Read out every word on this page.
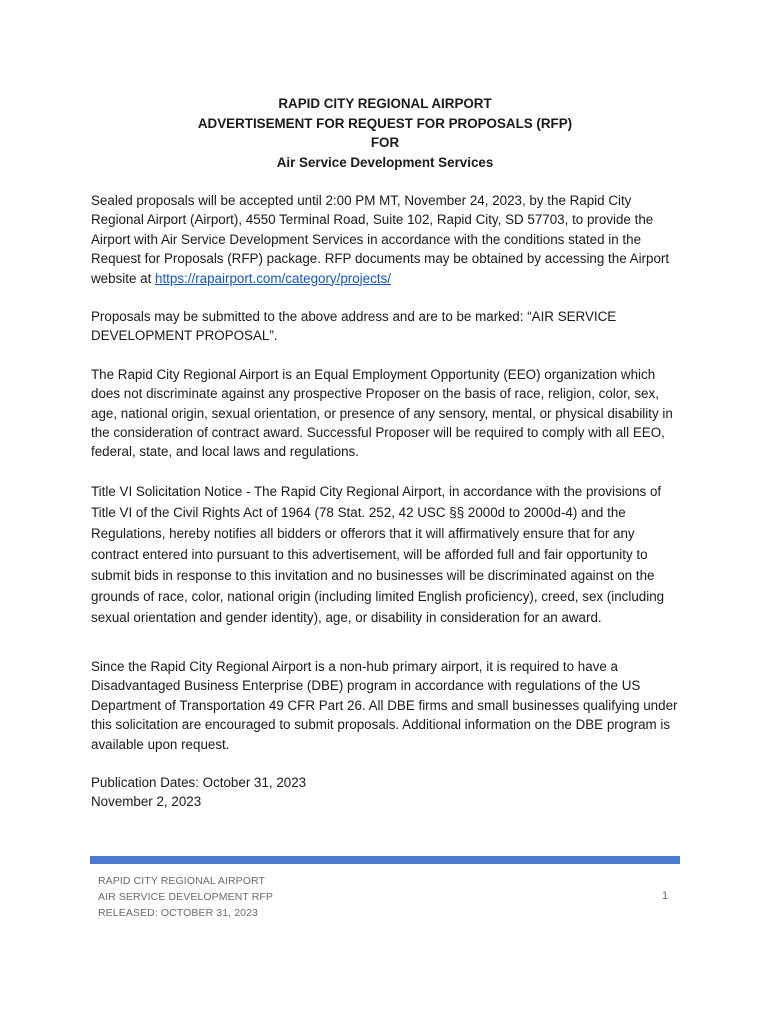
RAPID CITY REGIONAL AIRPORT
ADVERTISEMENT FOR REQUEST FOR PROPOSALS (RFP)
FOR
Air Service Development Services

Sealed proposals will be accepted until 2:00 PM MT, November 24, 2023, by the Rapid City Regional Airport (Airport), 4550 Terminal Road, Suite 102, Rapid City, SD 57703, to provide the Airport with Air Service Development Services in accordance with the conditions stated in the Request for Proposals (RFP) package. RFP documents may be obtained by accessing the Airport website at https://rapairport.com/category/projects/

Proposals may be submitted to the above address and are to be marked: “AIR SERVICE DEVELOPMENT PROPOSAL”.

The Rapid City Regional Airport is an Equal Employment Opportunity (EEO) organization which does not discriminate against any prospective Proposer on the basis of race, religion, color, sex, age, national origin, sexual orientation, or presence of any sensory, mental, or physical disability in the consideration of contract award. Successful Proposer will be required to comply with all EEO, federal, state, and local laws and regulations.

Title VI Solicitation Notice - The Rapid City Regional Airport, in accordance with the provisions of Title VI of the Civil Rights Act of 1964 (78 Stat. 252, 42 USC §§ 2000d to 2000d-4) and the Regulations, hereby notifies all bidders or offerors that it will affirmatively ensure that for any contract entered into pursuant to this advertisement, will be afforded full and fair opportunity to submit bids in response to this invitation and no businesses will be discriminated against on the grounds of race, color, national origin (including limited English proficiency), creed, sex (including sexual orientation and gender identity), age, or disability in consideration for an award.

Since the Rapid City Regional Airport is a non-hub primary airport, it is required to have a Disadvantaged Business Enterprise (DBE) program in accordance with regulations of the US Department of Transportation 49 CFR Part 26. All DBE firms and small businesses qualifying under this solicitation are encouraged to submit proposals. Additional information on the DBE program is available upon request.

Publication Dates: October 31, 2023

November 2, 2023

RAPID CITY REGIONAL AIRPORT
AIR SERVICE DEVELOPMENT RFP
RELEASED: OCTOBER 31, 2023
1
